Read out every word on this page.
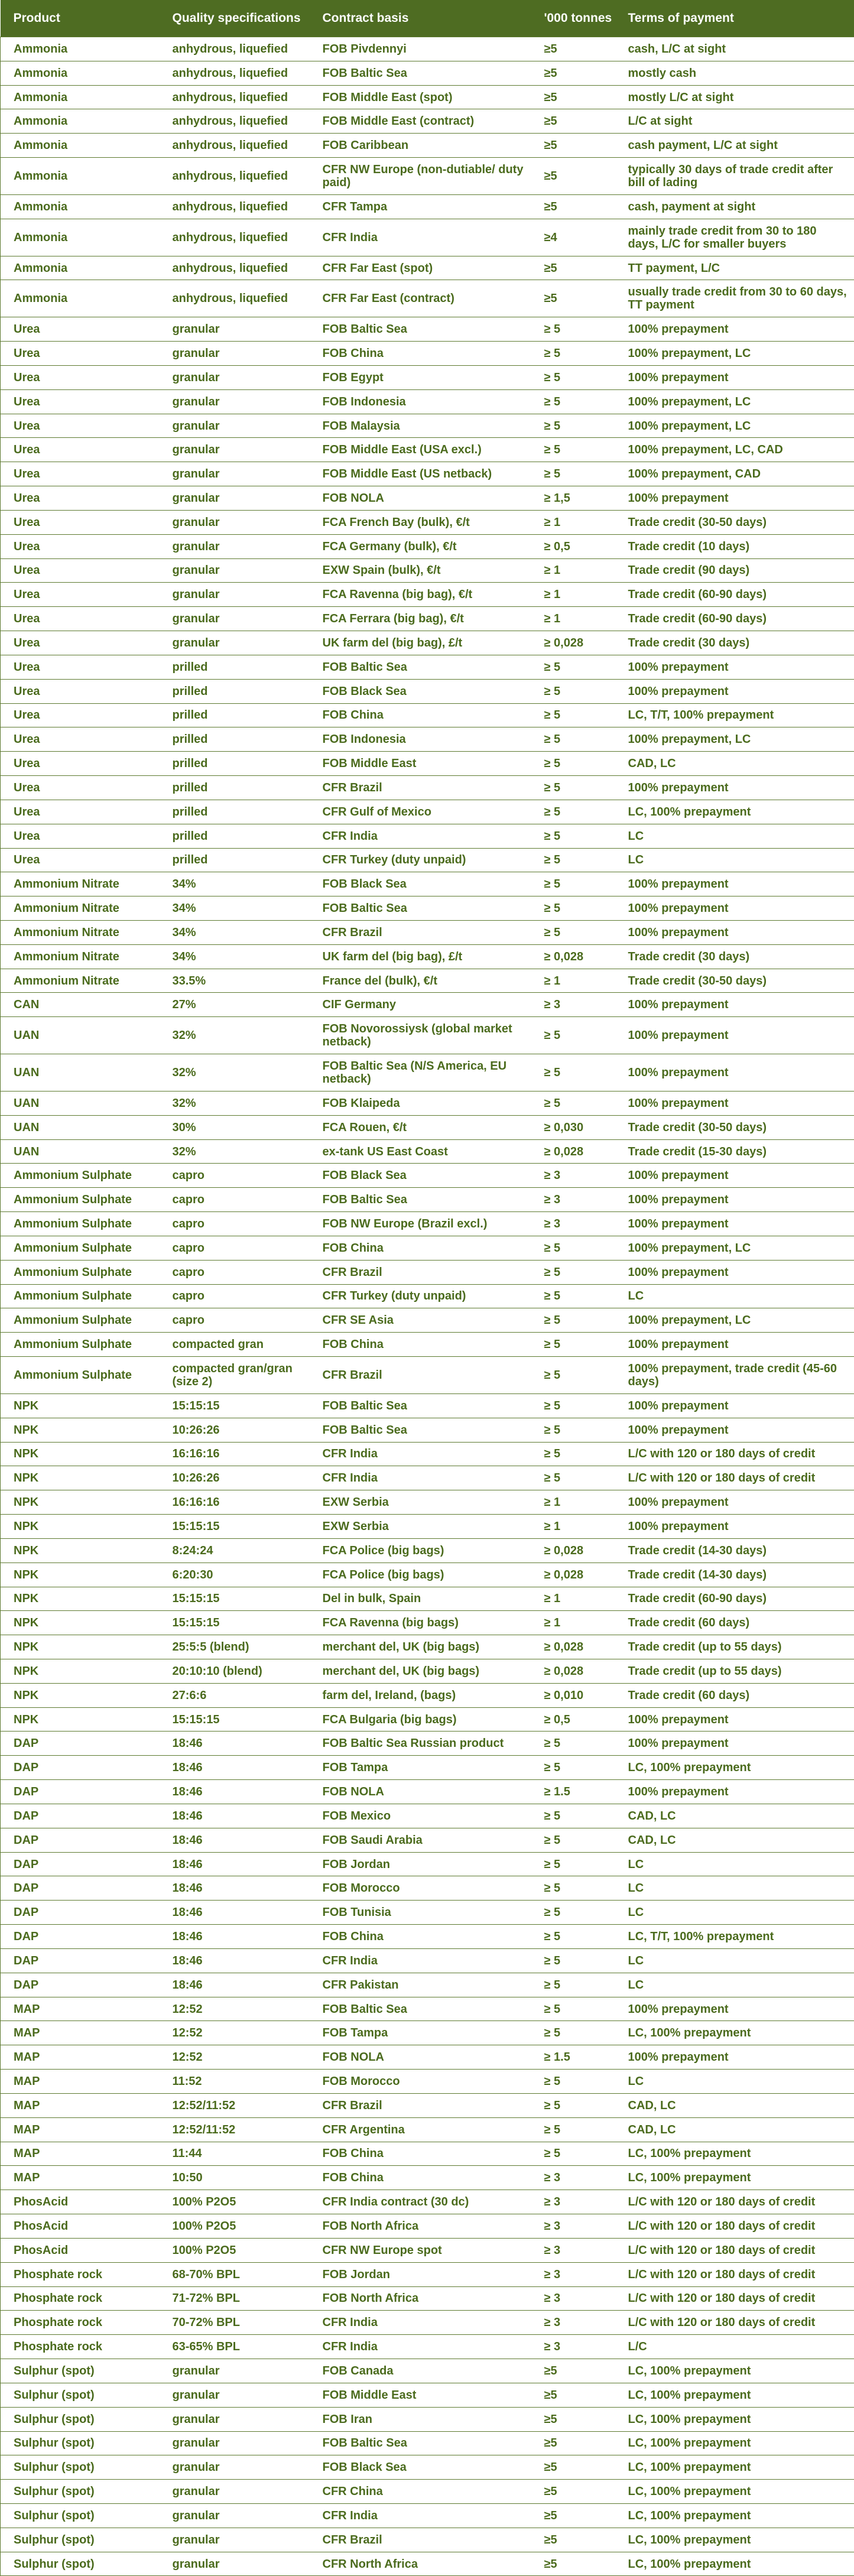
Product	Quality specifications	Contract basis	'000 tonnes	Terms of payment
Ammonia	anhydrous, liquefied	FOB Pivdennyi	≥5	cash, L/C at sight
Ammonia	anhydrous, liquefied	FOB Baltic Sea	≥5	mostly cash
Ammonia	anhydrous, liquefied	FOB Middle East (spot)	≥5	mostly L/C at sight
Ammonia	anhydrous, liquefied	FOB Middle East (contract)	≥5	L/C at sight
Ammonia	anhydrous, liquefied	FOB Caribbean	≥5	cash payment, L/C at sight
Ammonia	anhydrous, liquefied	CFR NW Europe (non-dutiable/ duty paid)	≥5	typically 30 days of trade credit after bill of lading
Ammonia	anhydrous, liquefied	CFR Tampa	≥5	cash, payment at sight
Ammonia	anhydrous, liquefied	CFR India	≥4	mainly trade credit from 30 to 180 days, L/C for smaller buyers
Ammonia	anhydrous, liquefied	CFR Far East (spot)	≥5	TT payment, L/C
Ammonia	anhydrous, liquefied	CFR Far East (contract)	≥5	usually trade credit from 30 to 60 days, TT payment
Urea	granular	FOB Baltic Sea	≥ 5	100% prepayment
Urea	granular	FOB China	≥ 5	100% prepayment, LC
Urea	granular	FOB Egypt	≥ 5	100% prepayment
Urea	granular	FOB Indonesia	≥ 5	100% prepayment, LC
Urea	granular	FOB Malaysia	≥ 5	100% prepayment, LC
Urea	granular	FOB Middle East (USA excl.)	≥ 5	100% prepayment, LC, CAD
Urea	granular	FOB Middle East (US netback)	≥ 5	100% prepayment, CAD
Urea	granular	FOB NOLA	≥ 1,5	100% prepayment
Urea	granular	FCA French Bay (bulk), €/t	≥ 1	Trade credit (30-50 days)
Urea	granular	FCA Germany (bulk), €/t	≥ 0,5	Trade credit (10 days)
Urea	granular	EXW Spain (bulk), €/t	≥ 1	Trade credit (90 days)
Urea	granular	FCA Ravenna (big bag), €/t	≥ 1	Trade credit (60-90 days)
Urea	granular	FCA Ferrara (big bag), €/t	≥ 1	Trade credit (60-90 days)
Urea	granular	UK farm del (big bag), £/t	≥ 0,028	Trade credit (30 days)
Urea	prilled	FOB Baltic Sea	≥ 5	100% prepayment
Urea	prilled	FOB Black Sea	≥ 5	100% prepayment
Urea	prilled	FOB China	≥ 5	LC, T/T, 100% prepayment
Urea	prilled	FOB Indonesia	≥ 5	100% prepayment, LC
Urea	prilled	FOB Middle East	≥ 5	CAD, LC
Urea	prilled	CFR Brazil	≥ 5	100% prepayment
Urea	prilled	CFR Gulf of Mexico	≥ 5	LC, 100% prepayment
Urea	prilled	CFR India	≥ 5	LC
Urea	prilled	CFR Turkey (duty unpaid)	≥ 5	LC
Ammonium Nitrate	34%	FOB Black Sea	≥ 5	100% prepayment
Ammonium Nitrate	34%	FOB Baltic Sea	≥ 5	100% prepayment
Ammonium Nitrate	34%	CFR Brazil	≥ 5	100% prepayment
Ammonium Nitrate	34%	UK farm del (big bag), £/t	≥ 0,028	Trade credit (30 days)
Ammonium Nitrate	33.5%	France del (bulk), €/t	≥ 1	Trade credit (30-50 days)
CAN	27%	CIF Germany	≥ 3	100% prepayment
UAN	32%	FOB Novorossiysk (global market netback)	≥ 5	100% prepayment
UAN	32%	FOB Baltic Sea (N/S America, EU netback)	≥ 5	100% prepayment
UAN	32%	FOB Klaipeda	≥ 5	100% prepayment
UAN	30%	FCA Rouen, €/t	≥ 0,030	Trade credit (30-50 days)
UAN	32%	ex-tank US East Coast	≥ 0,028	Trade credit (15-30 days)
Ammonium Sulphate	capro	FOB Black Sea	≥ 3	100% prepayment
Ammonium Sulphate	capro	FOB Baltic Sea	≥ 3	100% prepayment
Ammonium Sulphate	capro	FOB NW Europe (Brazil excl.)	≥ 3	100% prepayment
Ammonium Sulphate	capro	FOB China	≥ 5	100% prepayment, LC
Ammonium Sulphate	capro	CFR Brazil	≥ 5	100% prepayment
Ammonium Sulphate	capro	CFR Turkey (duty unpaid)	≥ 5	LC
Ammonium Sulphate	capro	CFR SE Asia	≥ 5	100% prepayment, LC
Ammonium Sulphate	compacted gran	FOB China	≥ 5	100% prepayment
Ammonium Sulphate	compacted gran/gran (size 2)	CFR Brazil	≥ 5	100% prepayment, trade credit (45-60 days)
NPK	15:15:15	FOB Baltic Sea	≥ 5	100% prepayment
NPK	10:26:26	FOB Baltic Sea	≥ 5	100% prepayment
NPK	16:16:16	CFR India	≥ 5	L/C with 120 or 180 days of credit
NPK	10:26:26	CFR India	≥ 5	L/C with 120 or 180 days of credit
NPK	16:16:16	EXW Serbia	≥ 1	100% prepayment
NPK	15:15:15	EXW Serbia	≥ 1	100% prepayment
NPK	8:24:24	FCA Police (big bags)	≥ 0,028	Trade credit (14-30 days)
NPK	6:20:30	FCA Police (big bags)	≥ 0,028	Trade credit (14-30 days)
NPK	15:15:15	Del in bulk, Spain	≥ 1	Trade credit (60-90 days)
NPK	15:15:15	FCA Ravenna (big bags)	≥ 1	Trade credit (60 days)
NPK	25:5:5 (blend)	merchant del, UK (big bags)	≥ 0,028	Trade credit (up to 55 days)
NPK	20:10:10 (blend)	merchant del, UK (big bags)	≥ 0,028	Trade credit (up to 55 days)
NPK	27:6:6	farm del, Ireland, (bags)	≥ 0,010	Trade credit (60 days)
NPK	15:15:15	FCA Bulgaria (big bags)	≥ 0,5	100% prepayment
DAP	18:46	FOB Baltic Sea Russian product	≥ 5	100% prepayment
DAP	18:46	FOB Tampa	≥ 5	LC, 100% prepayment
DAP	18:46	FOB NOLA	≥ 1.5	100% prepayment
DAP	18:46	FOB Mexico	≥ 5	CAD, LC
DAP	18:46	FOB Saudi Arabia	≥ 5	CAD, LC
DAP	18:46	FOB Jordan	≥ 5	LC
DAP	18:46	FOB Morocco	≥ 5	LC
DAP	18:46	FOB Tunisia	≥ 5	LC
DAP	18:46	FOB China	≥ 5	LC, T/T, 100% prepayment
DAP	18:46	CFR India	≥ 5	LC
DAP	18:46	CFR Pakistan	≥ 5	LC
MAP	12:52	FOB Baltic Sea	≥ 5	100% prepayment
MAP	12:52	FOB Tampa	≥ 5	LC, 100% prepayment
MAP	12:52	FOB NOLA	≥ 1.5	100% prepayment
MAP	11:52	FOB Morocco	≥ 5	LC
MAP	12:52/11:52	CFR Brazil	≥ 5	CAD, LC
MAP	12:52/11:52	CFR Argentina	≥ 5	CAD, LC
MAP	11:44	FOB China	≥ 5	LC, 100% prepayment
MAP	10:50	FOB China	≥ 3	LC, 100% prepayment
PhosAcid	100% P2O5	CFR India contract (30 dc)	≥ 3	L/C with 120 or 180 days of credit
PhosAcid	100% P2O5	FOB North Africa	≥ 3	L/C with 120 or 180 days of credit
PhosAcid	100% P2O5	CFR NW Europe spot	≥ 3	L/C with 120 or 180 days of credit
Phosphate rock	68-70% BPL	FOB Jordan	≥ 3	L/C with 120 or 180 days of credit
Phosphate rock	71-72% BPL	FOB North Africa	≥ 3	L/C with 120 or 180 days of credit
Phosphate rock	70-72% BPL	CFR India	≥ 3	L/C with 120 or 180 days of credit
Phosphate rock	63-65% BPL	CFR India	≥ 3	L/C
Sulphur (spot)	granular	FOB Canada	≥5	LC, 100% prepayment
Sulphur (spot)	granular	FOB Middle East	≥5	LC, 100% prepayment
Sulphur (spot)	granular	FOB Iran	≥5	LC, 100% prepayment
Sulphur (spot)	granular	FOB Baltic Sea	≥5	LC, 100% prepayment
Sulphur (spot)	granular	FOB Black Sea	≥5	LC, 100% prepayment
Sulphur (spot)	granular	CFR China	≥5	LC, 100% prepayment
Sulphur (spot)	granular	CFR India	≥5	LC, 100% prepayment
Sulphur (spot)	granular	CFR Brazil	≥5	LC, 100% prepayment
Sulphur (spot)	granular	CFR North Africa	≥5	LC, 100% prepayment
